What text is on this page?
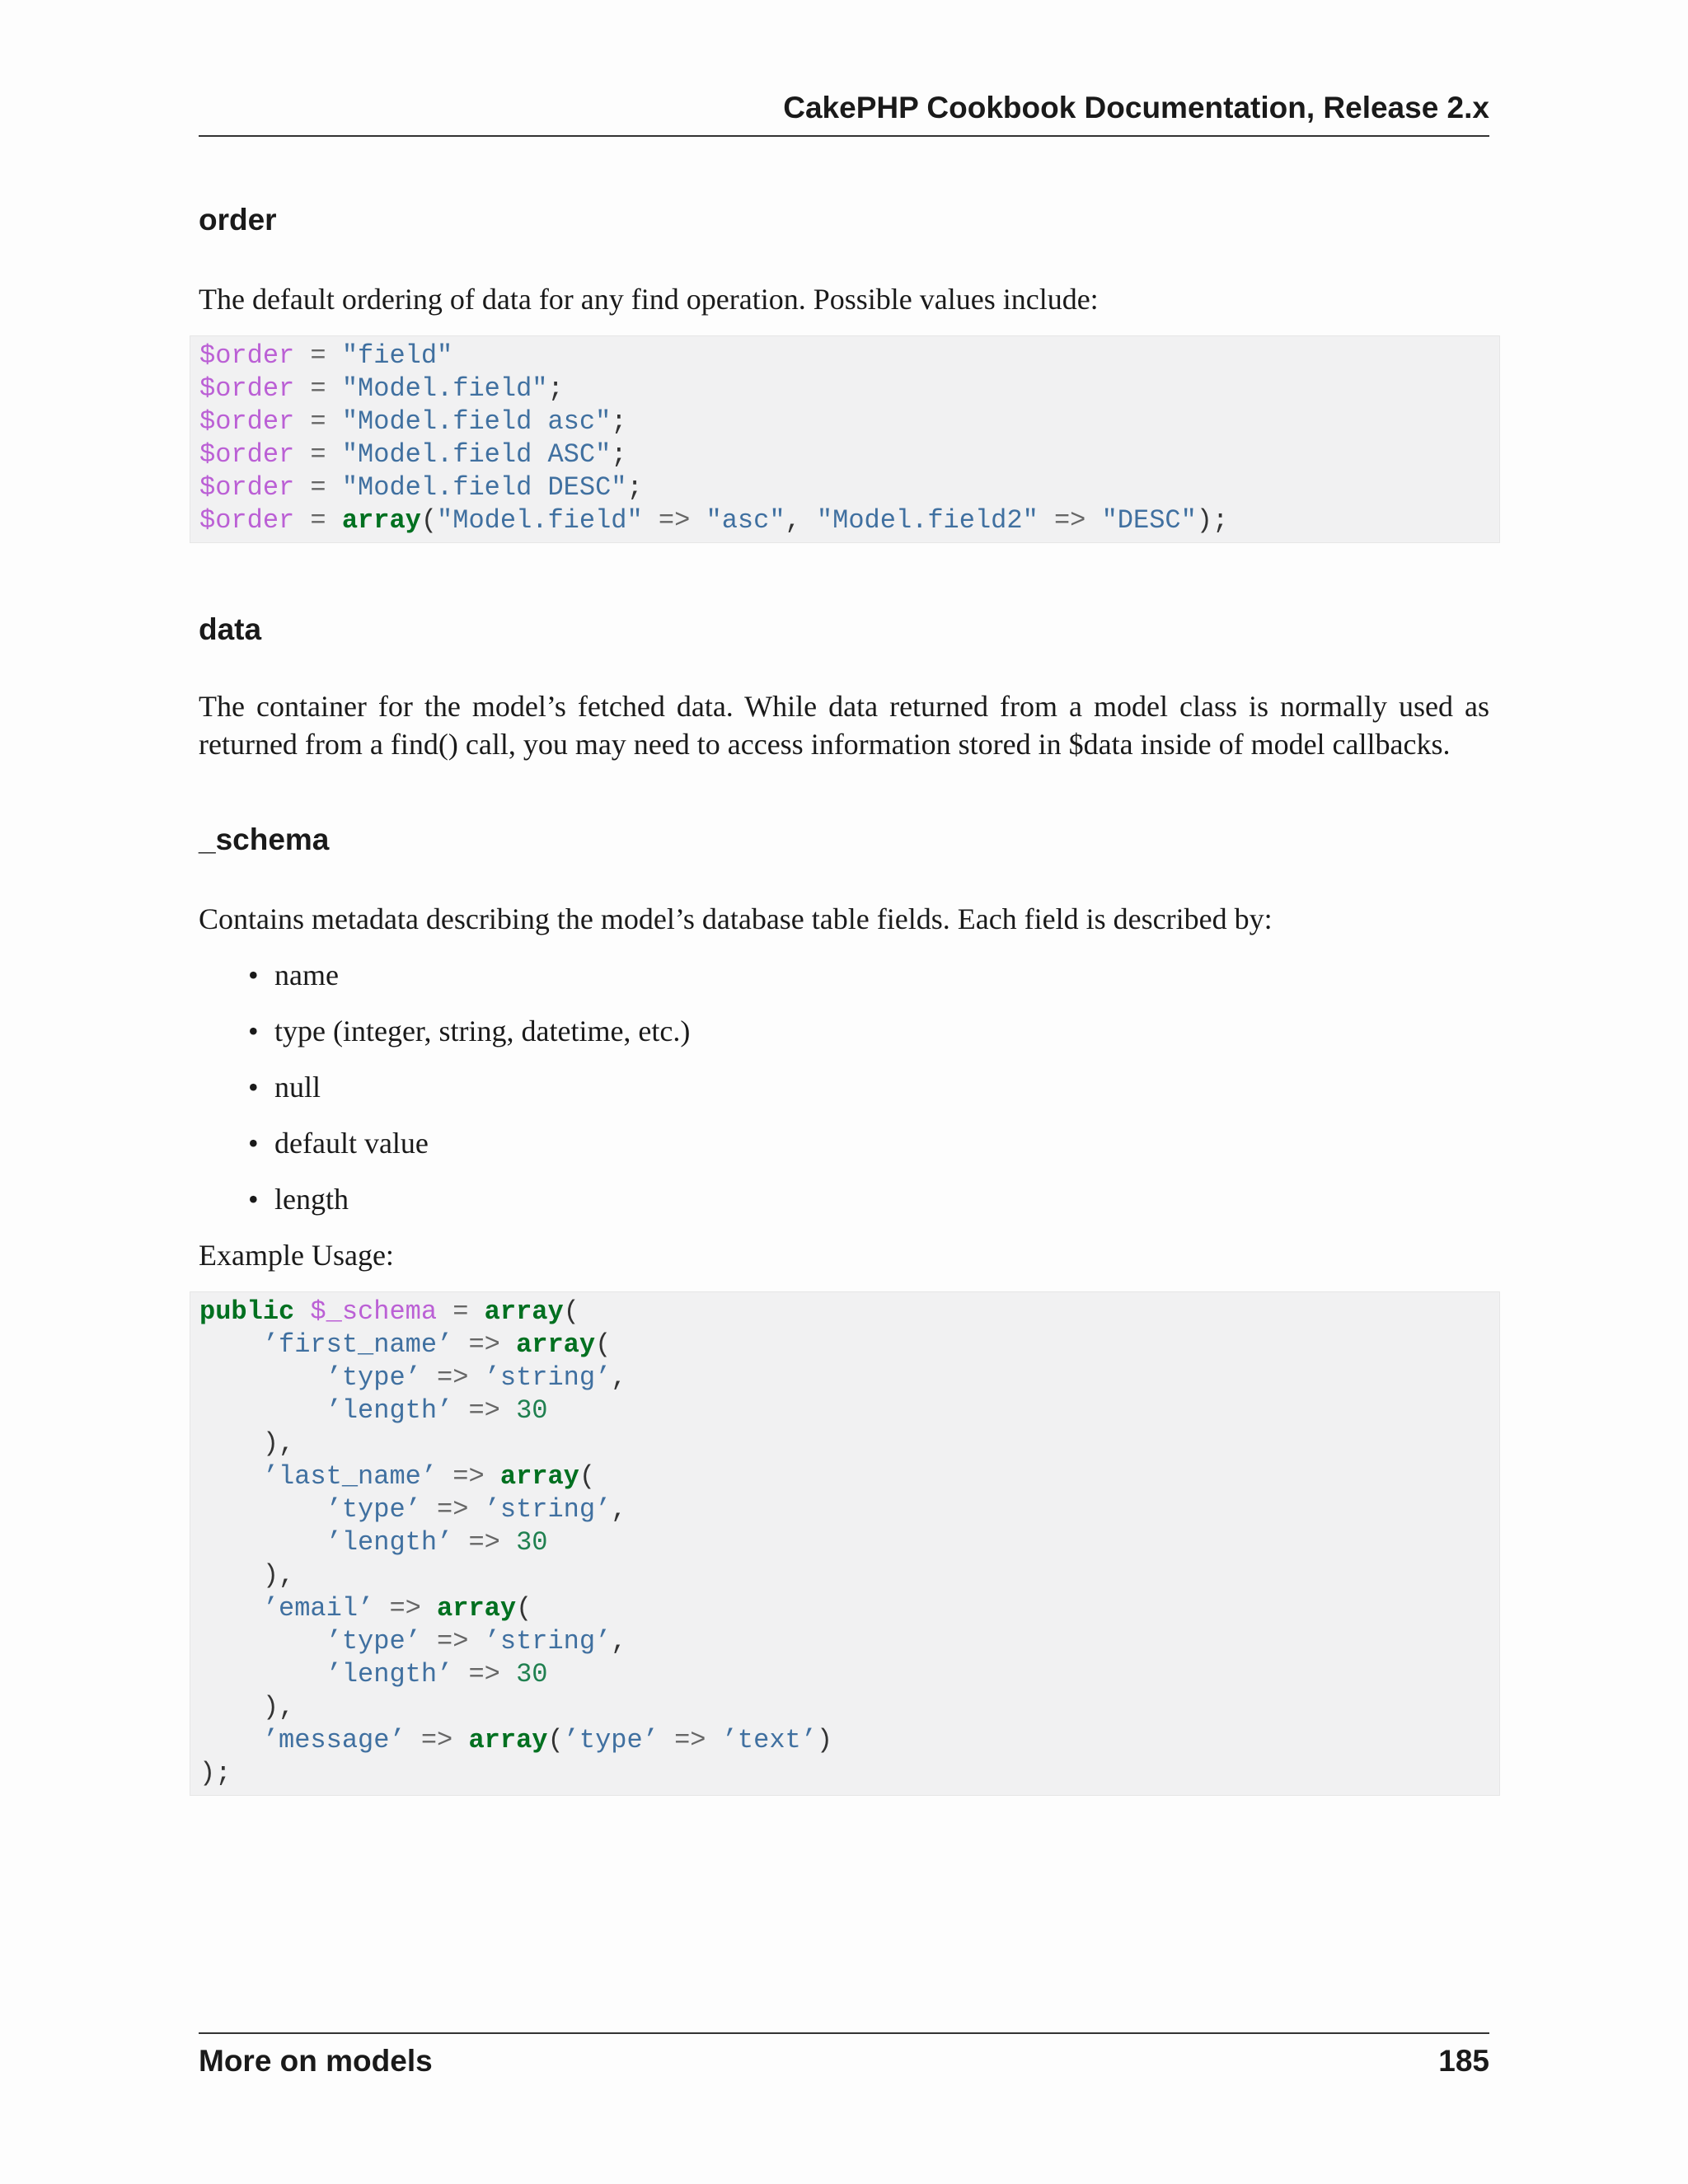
CakePHP Cookbook Documentation, Release 2.x
order
The default ordering of data for any find operation. Possible values include:
$order = "field"
$order = "Model.field";
$order = "Model.field asc";
$order = "Model.field ASC";
$order = "Model.field DESC";
$order = array("Model.field" => "asc", "Model.field2" => "DESC");
data
The container for the model’s fetched data. While data returned from a model class is normally used as returned from a find() call, you may need to access information stored in $data inside of model callbacks.
_schema
Contains metadata describing the model’s database table fields. Each field is described by:
• name
• type (integer, string, datetime, etc.)
• null
• default value
• length
Example Usage:
public $_schema = array(
’first_name’ => array(
’type’ => ’string’,
’length’ => 30
),
’last_name’ => array(
’type’ => ’string’,
’length’ => 30
),
’email’ => array(
’type’ => ’string’,
’length’ => 30
),
’message’ => array(’type’ => ’text’)
);
More on models	185
